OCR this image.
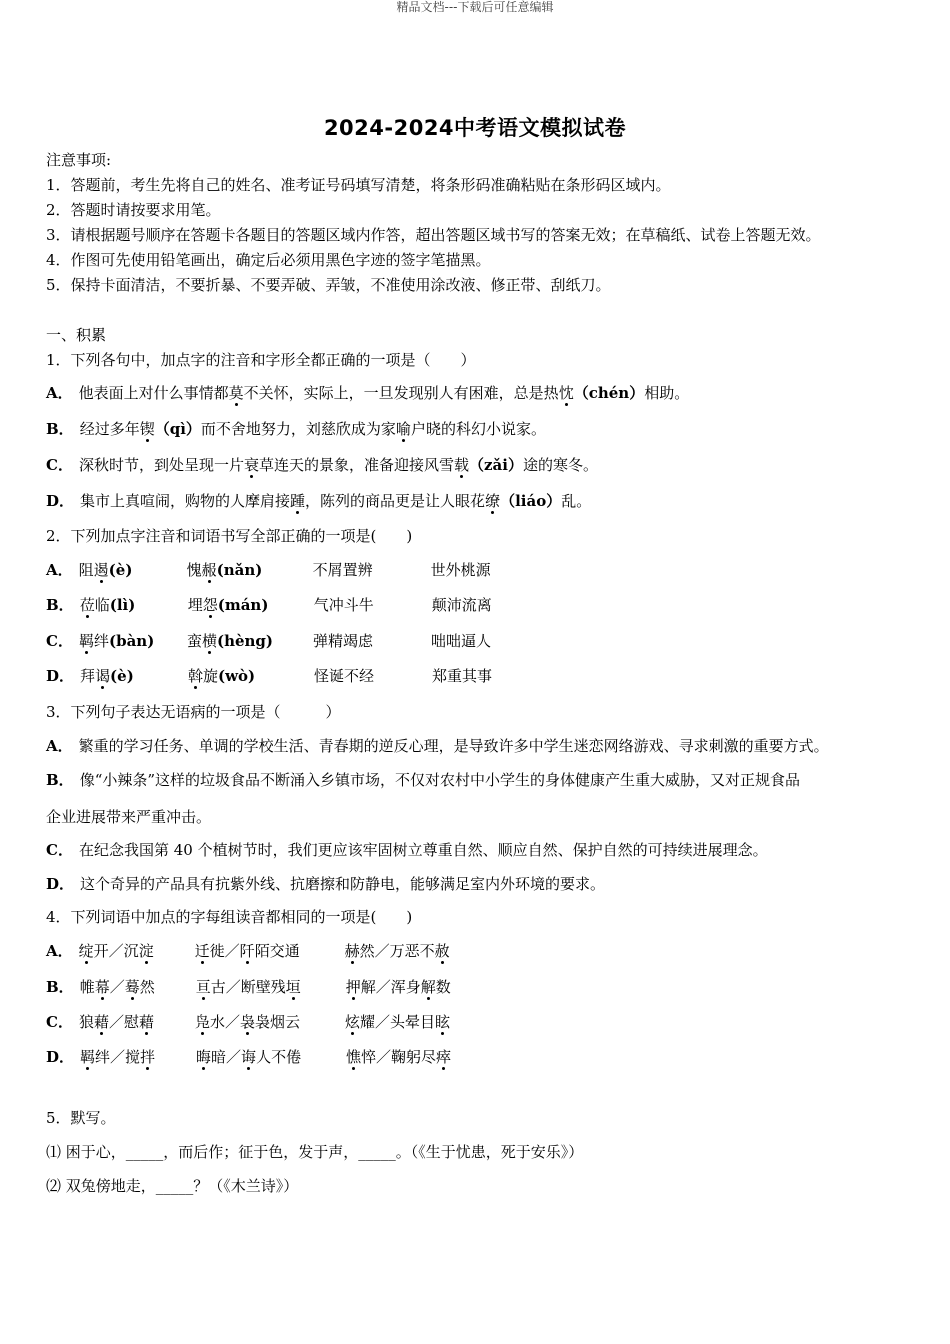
精品文档---下载后可任意编辑
2024-2024中考语文模拟试卷
注意事项:
1．答题前，考生先将自己的姓名、准考证号码填写清楚，将条形码准确粘贴在条形码区域内。
2．答题时请按要求用笔。
3．请根据题号顺序在答题卡各题目的答题区域内作答，超出答题区域书写的答案无效；在草稿纸、试卷上答题无效。
4．作图可先使用铅笔画出，确定后必须用黑色字迹的签字笔描黑。
5．保持卡面清洁，不要折暴、不要弄破、弄皱，不准使用涂改液、修正带、刮纸刀。
一、积累
1．下列各句中，加点字的注音和字形全都正确的一项是（　　）
A． 他表面上对什么事情都莫不关怀，实际上，一旦发现别人有困难，总是热忱（chén）相助。
B． 经过多年锲（qì）而不舍地努力，刘慈欣成为家喻户晓的科幻小说家。
C． 深秋时节，到处呈现一片衰草连天的景象，准备迎接风雪载（zǎi）途的寒冬。
D． 集市上真喧闹，购物的人摩肩接踵，陈列的商品更是让人眼花缭（liáo）乱。
2．下列加点字注音和词语书写全部正确的一项是(　　)
A． 阻遏(è)	愧赧(nǎn)	不屑置辨	世外桃源
B． 莅临(lì)	埋怨(mán)	气冲斗牛	颠沛流离
C． 羁绊(bàn) 蛮横(hèng)	弹精竭虑	咄咄逼人
D． 拜谒(è)	斡旋(wò)	怪诞不经	郑重其事
3．下列句子表达无语病的一项是（　　　）
A． 繁重的学习任务、单调的学校生活、青春期的逆反心理，是导致许多中学生迷恋网络游戏、寻求刺激的重要方式。
B． 像“小辣条”这样的垃圾食品不断涌入乡镇市场，不仅对农村中小学生的身体健康产生重大威胁，又对正规食品
企业进展带来严重冲击。
C． 在纪念我国第 40 个植树节时，我们更应该牢固树立尊重自然、顺应自然、保护自然的可持续进展理念。
D． 这个奇异的产品具有抗紫外线、抗磨擦和防静电，能够满足室内外环境的要求。
4．下列词语中加点的字每组读音都相同的一项是(　　)
A． 绽开／沉淀	迁徙／阡陌交通	赫然／万恶不赦
B． 帷幕／蓦然	亘古／断壁残垣	押解／浑身解数
C． 狼藉／慰藉	凫水／袅袅烟云	炫耀／头晕目眩
D． 羁绊／搅拌	晦暗／诲人不倦	憔悴／鞠躬尽瘁
5．默写。
⑴ 困于心，_____，而后作；征于色，发于声，_____。（《生于忧患，死于安乐》）
⑵ 双兔傍地走，_____？（《木兰诗》）
